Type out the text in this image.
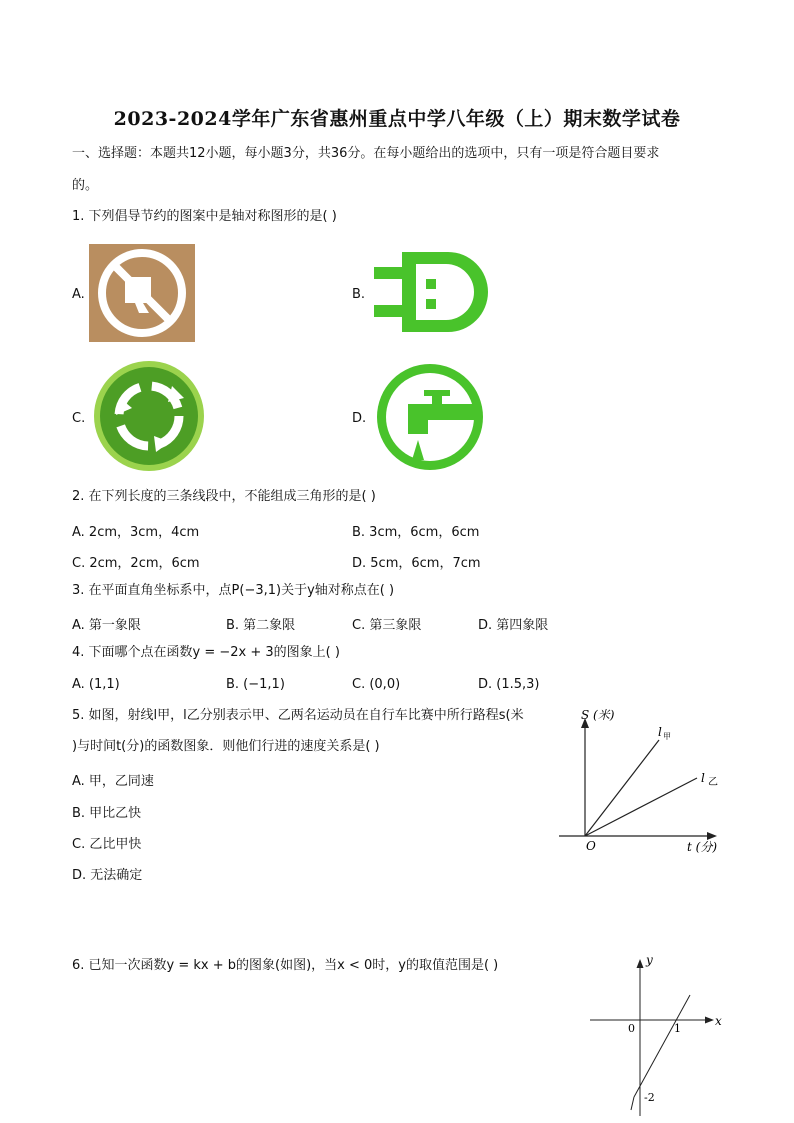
2023-2024学年广东省惠州重点中学八年级（上）期末数学试卷
一、选择题：本题共12小题，每小题3分，共36分。在每小题给出的选项中，只有一项是符合题目要求
的。
1. 下列倡导节约的图案中是轴对称图形的是( )
A.	B.
C.	D.
2. 在下列长度的三条线段中，不能组成三角形的是( )
A. 2cm，3cm，4cm	B. 3cm，6cm，6cm
C. 2cm，2cm，6cm	D. 5cm，6cm，7cm
3. 在平面直角坐标系中，点P(−3,1)关于y轴对称点在( )
A. 第一象限	B. 第二象限	C. 第三象限	D. 第四象限
4. 下面哪个点在函数y = −2x + 3的图象上( )
A. (1,1)	B. (−1,1)	C. (0,0)	D. (1.5,3)
5. 如图，射线l甲，l乙分别表示甲、乙两名运动员在自行车比赛中所行路程s(米
)与时间t(分)的函数图象．则他们行进的速度关系是( )
A. 甲，乙同速
B. 甲比乙快
C. 乙比甲快
D. 无法确定
S (米)
t (分)
O
l 甲
l 乙
6. 已知一次函数y = kx + b的图象(如图)，当x < 0时，y的取值范围是( )
x
y
0	1
-2
